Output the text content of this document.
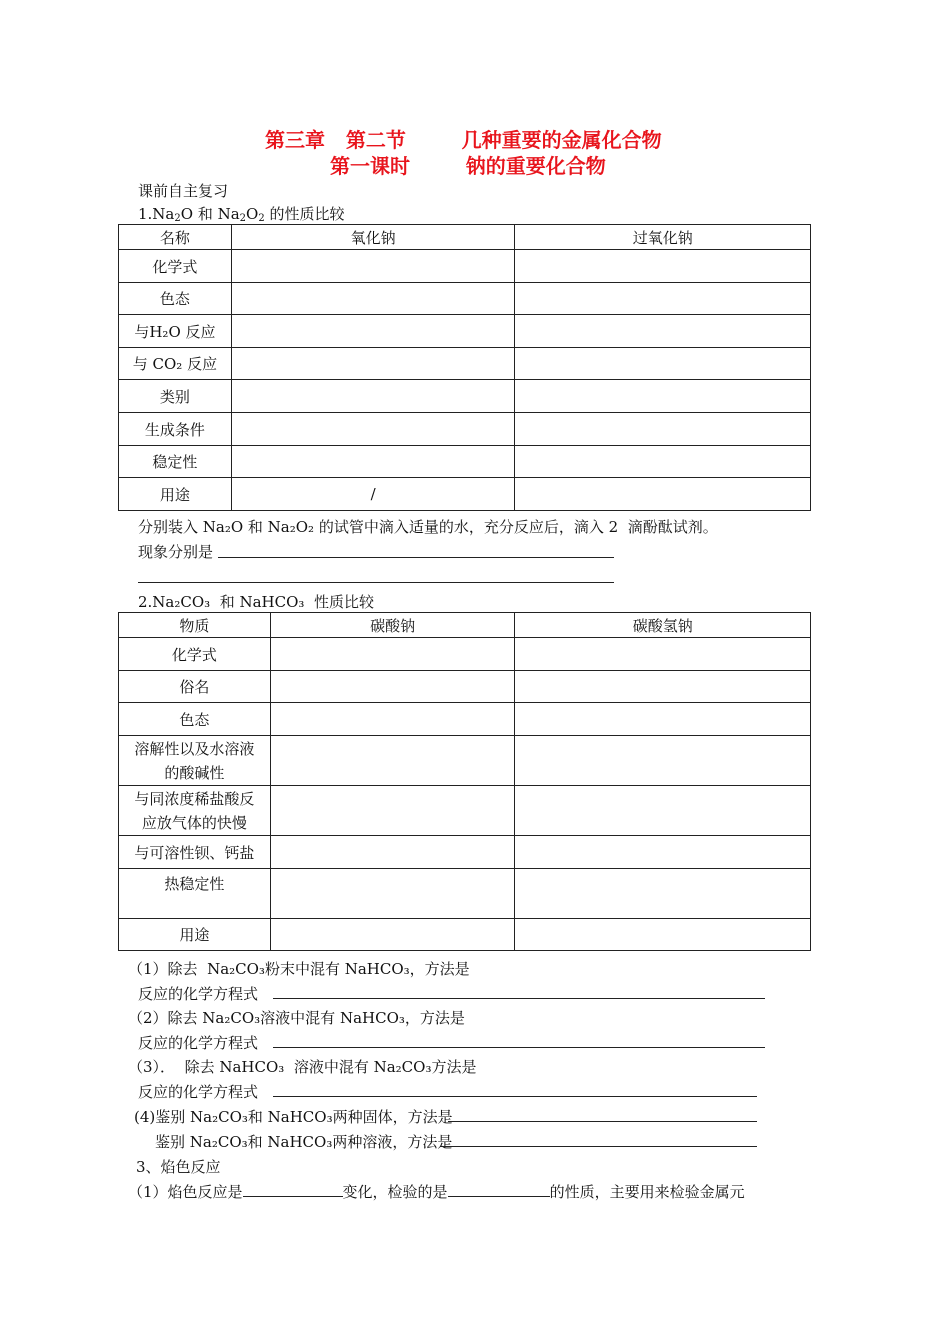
第三章   第二节        几种重要的金属化合物
第一课时        钠的重要化合物
课前自主复习
$1.Na_2O$ 和 $Na_2O_2$ 的性质比较
名称	氧化钠	过氧化钠
化学式		
色态		
与H₂O 反应		
与 CO₂ 反应		
类别		
生成条件		
稳定性		
用途	/	
分别装入 Na₂O 和 Na₂O₂ 的试管中滴入适量的水，充分反应后，滴入 2  滴酚酞试剂。
现象分别是
2.Na₂CO₃  和 NaHCO₃  性质比较
物质	碳酸钠	碳酸氢钠
化学式		
俗名		
色态		

溶解性以及水溶液
的酸碱性		

与同浓度稀盐酸反
应放气体的快慢		

与可溶性钡、钙盐		
热稳定性		
用途		
（1）除去  Na₂CO₃粉末中混有 NaHCO₃，方法是
反应的化学方程式
（2）除去 Na₂CO₃溶液中混有 NaHCO₃，方法是
反应的化学方程式
（3）．  除去 NaHCO₃  溶液中混有 Na₂CO₃方法是
反应的化学方程式
(4)鉴别 Na₂CO₃和 NaHCO₃两种固体，方法是
鉴别 Na₂CO₃和 NaHCO₃两种溶液，方法是
3、焰色反应
（1）焰色反应是	变化，检验的是	的性质，主要用来检验金属元
